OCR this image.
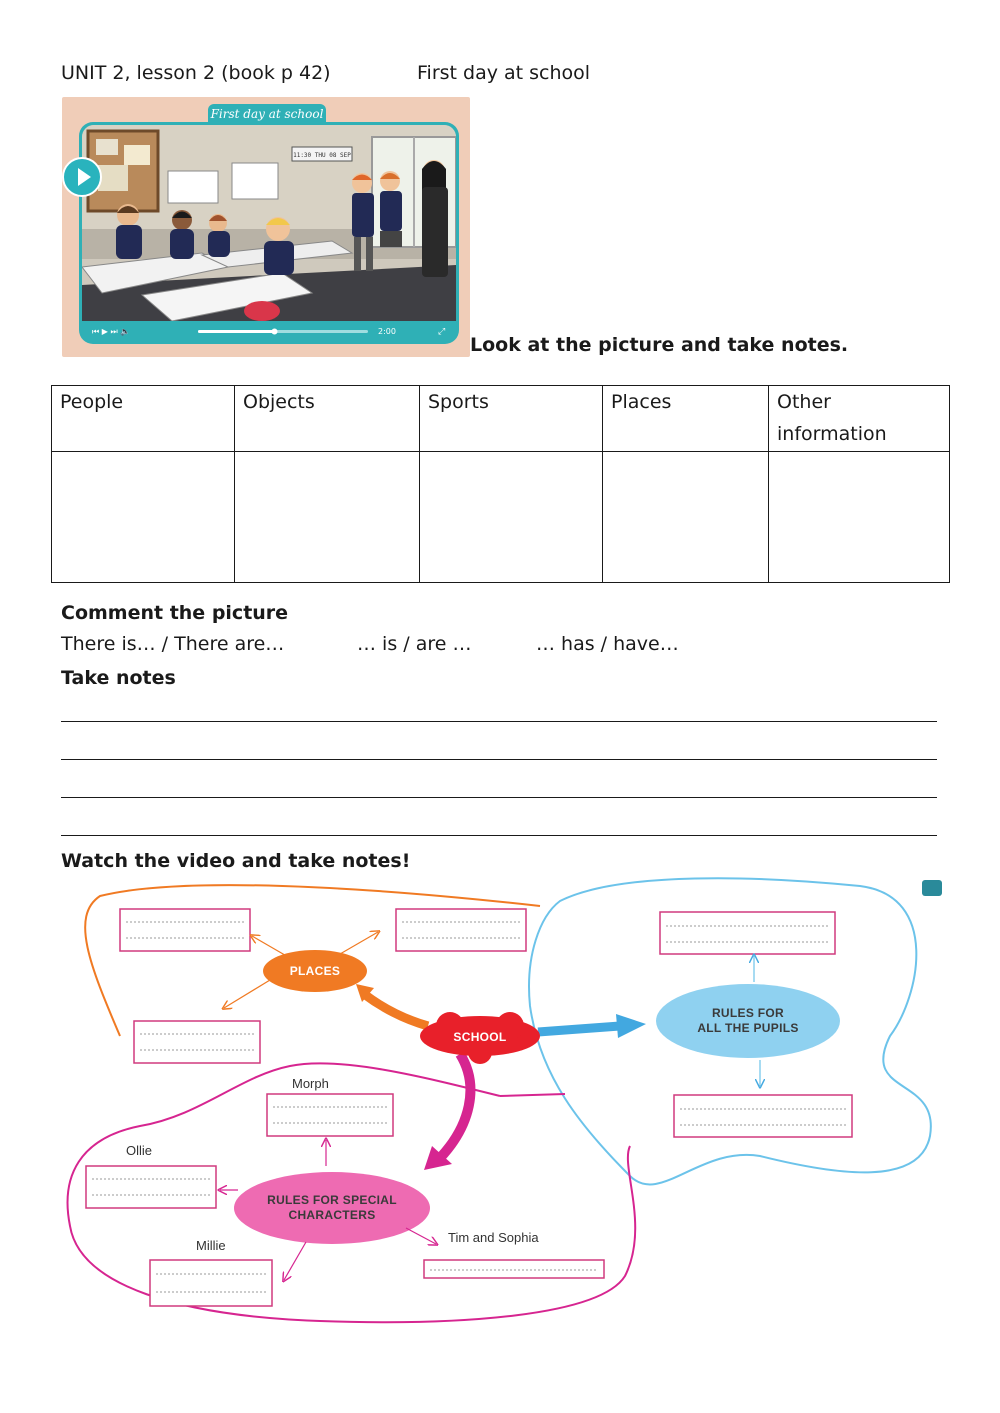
UNIT 2, lesson 2 (book p 42)	First day at school
11:30 THU 08 SEP
⏮ ▶ ⏭ 🔈	2:00	⤢
First day at school
Look at the picture and take notes.
People	Objects	Sports	Places	Other information

Comment the picture
There is… / There are…	… is / are …	… has / have…
Take notes
Watch the video and take notes!
PLACES
SCHOOL
RULES FOR
ALL THE PUPILS
Morph
Ollie
RULES FOR SPECIAL
CHARACTERS
Millie
Tim and Sophia
